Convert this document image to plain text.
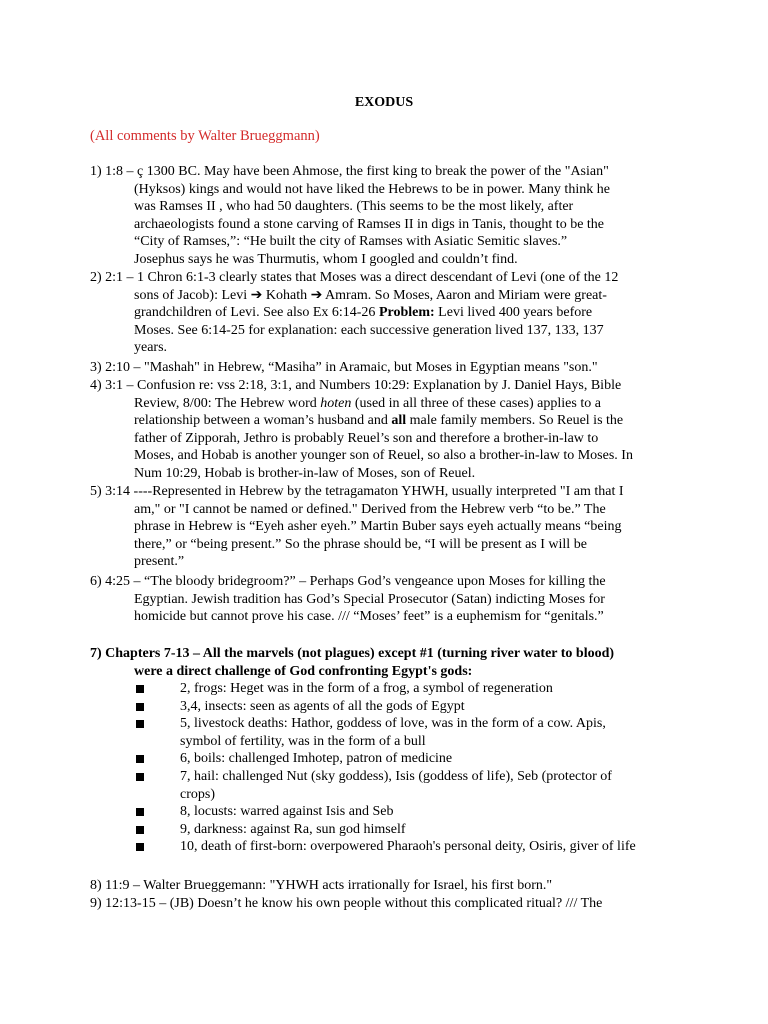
EXODUS
(All comments by Walter Brueggmann)
1) 1:8 – ç 1300 BC. May have been Ahmose, the first king to break the power of the "Asian"
(Hyksos) kings and would not have liked the Hebrews to be in power. Many think he
was Ramses II , who had 50 daughters. (This seems to be the most likely, after
archaeologists found a stone carving of Ramses II in digs in Tanis, thought to be the
“City of Ramses,”: “He built the city of Ramses with Asiatic Semitic slaves.”
Josephus says he was Thurmutis, whom I googled and couldn’t find.
2) 2:1 – 1 Chron 6:1-3 clearly states that Moses was a direct descendant of Levi (one of the 12
sons of Jacob): Levi ➔ Kohath ➔ Amram. So Moses, Aaron and Miriam were great-
grandchildren of Levi. See also Ex 6:14-26 Problem: Levi lived 400 years before
Moses. See 6:14-25 for explanation: each successive generation lived 137, 133, 137
years.
3) 2:10 – "Mashah" in Hebrew, “Masiha” in Aramaic, but Moses in Egyptian means "son."
4) 3:1 – Confusion re: vss 2:18, 3:1, and Numbers 10:29: Explanation by J. Daniel Hays, Bible
Review, 8/00: The Hebrew word hoten (used in all three of these cases) applies to a
relationship between a woman’s husband and all male family members. So Reuel is the
father of Zipporah, Jethro is probably Reuel’s son and therefore a brother-in-law to
Moses, and Hobab is another younger son of Reuel, so also a brother-in-law to Moses. In
Num 10:29, Hobab is brother-in-law of Moses, son of Reuel.
5) 3:14 ----Represented in Hebrew by the tetragamaton YHWH, usually interpreted "I am that I
am," or "I cannot be named or defined." Derived from the Hebrew verb “to be.” The
phrase in Hebrew is “Eyeh asher eyeh.” Martin Buber says eyeh actually means “being
there,” or “being present.” So the phrase should be, “I will be present as I will be
present.”
6) 4:25 – “The bloody bridegroom?” – Perhaps God’s vengeance upon Moses for killing the
Egyptian. Jewish tradition has God’s Special Prosecutor (Satan) indicting Moses for
homicide but cannot prove his case. /// “Moses’ feet” is a euphemism for “genitals.”
7) Chapters 7-13 – All the marvels (not plagues) except #1 (turning river water to blood)
were a direct challenge of God confronting Egypt's gods:
2, frogs: Heget was in the form of a frog, a symbol of regeneration
3,4, insects: seen as agents of all the gods of Egypt
5, livestock deaths: Hathor, goddess of love, was in the form of a cow. Apis,
symbol of fertility, was in the form of a bull
6, boils: challenged Imhotep, patron of medicine
7, hail: challenged Nut (sky goddess), Isis (goddess of life), Seb (protector of
crops)
8, locusts: warred against Isis and Seb
9, darkness: against Ra, sun god himself
10, death of first-born: overpowered Pharaoh's personal deity, Osiris, giver of life
8) 11:9 – Walter Brueggemann: "YHWH acts irrationally for Israel, his first born."
9) 12:13-15 – (JB) Doesn’t he know his own people without this complicated ritual? /// The
